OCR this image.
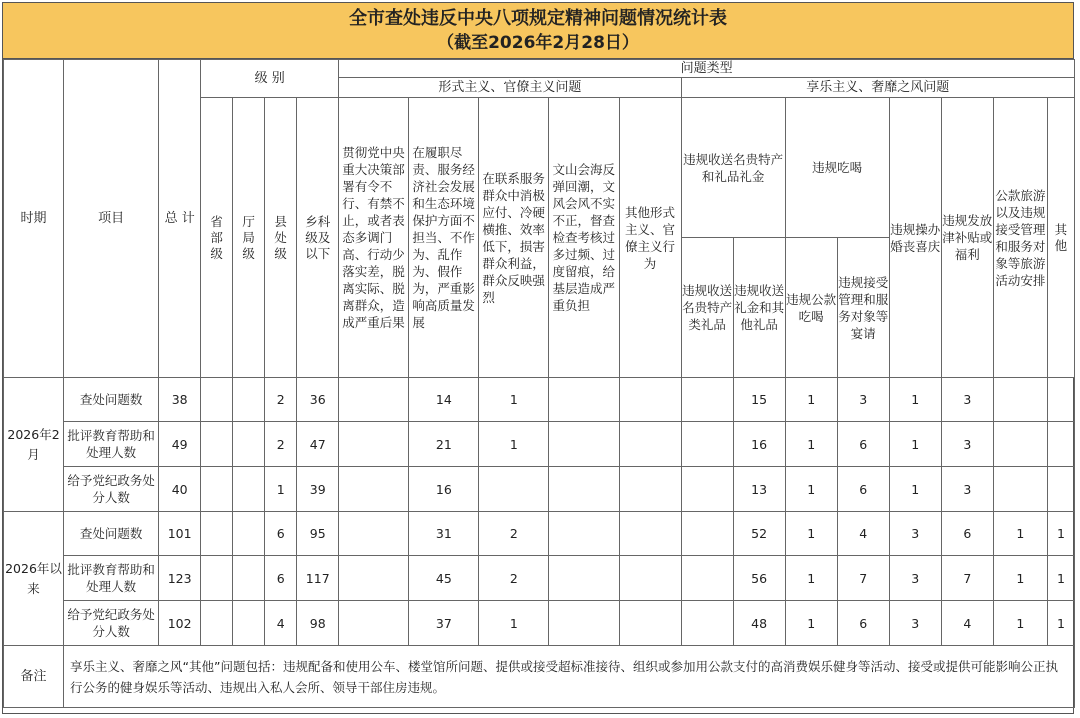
全市查处违反中央八项规定精神问题情况统计表
（截至2026年2月28日）
时期	项目	总 计	级 别				问题类型												
							形式主义、官僚主义问题					享乐主义、奢靡之风问题							
			省部级	厅局级	县处级	乡科级及以下	贯彻党中央重大决策部署有令不行、有禁不止，或者表态多调门高、行动少落实差，脱离实际、脱离群众，造成严重后果	在履职尽责、服务经济社会发展和生态环境保护方面不担当、不作为、乱作为、假作为，严重影响高质量发展	在联系服务群众中消极应付、冷硬横推、效率低下，损害群众利益，群众反映强烈	文山会海反弹回潮，文风会风不实不正，督查检查考核过多过频、过度留痕，给基层造成严重负担	其他形式主义、官僚主义行为	违规收送名贵特产和礼品礼金		违规吃喝		违规操办婚丧喜庆	违规发放津补贴或福利	公款旅游以及违规接受管理和服务对象等旅游活动安排	其他
												违规收送名贵特产类礼品	违规收送礼金和其他礼品	违规公款吃喝	违规接受管理和服务对象等宴请				
2026年2月	查处问题数	38			2	36		14	1				15	1	3	1	3		
	批评教育帮助和处理人数	49			2	47		21	1				16	1	6	1	3		
	给予党纪政务处分人数	40			1	39		16					13	1	6	1	3		
2026年以来	查处问题数	101			6	95		31	2				52	1	4	3	6	1	1
	批评教育帮助和处理人数	123			6	117		45	2				56	1	7	3	7	1	1
	给予党纪政务处分人数	102			4	98		37	1				48	1	6	3	4	1	1
备注	享乐主义、奢靡之风“其他”问题包括：违规配备和使用公车、楼堂馆所问题、提供或接受超标准接待、组织或参加用公款支付的高消费娱乐健身等活动、接受或提供可能影响公正执行公务的健身娱乐等活动、违规出入私人会所、领导干部住房违规。																		
